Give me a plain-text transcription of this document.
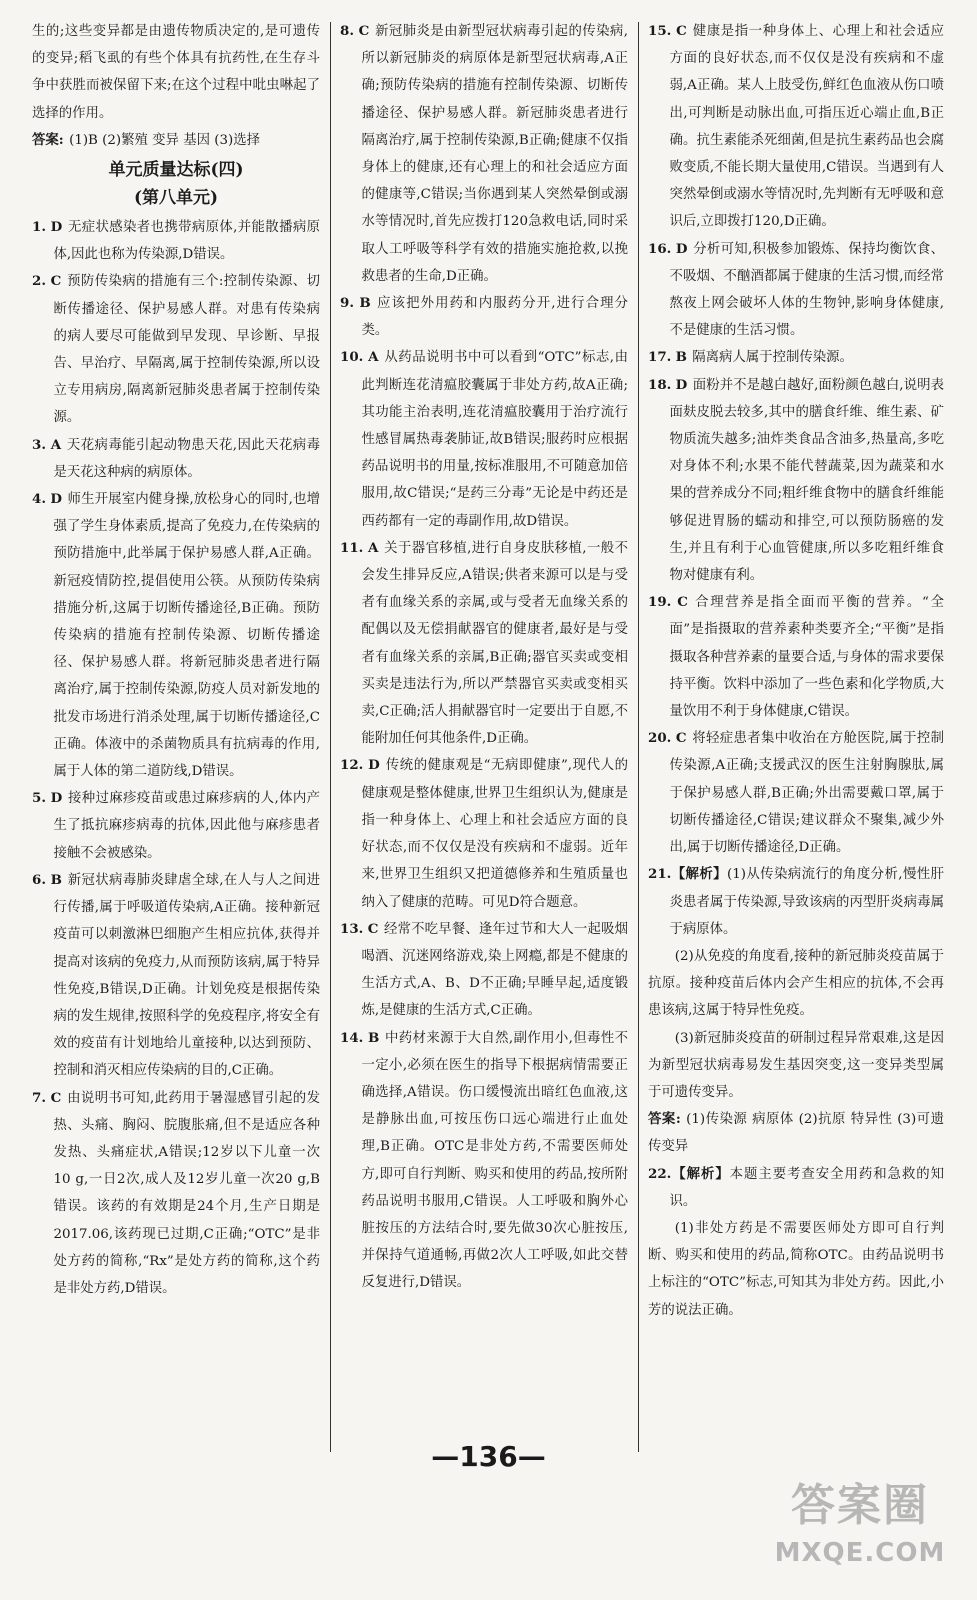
生的;这些变异都是由遗传物质决定的,是可遗传的变异;稻飞虱的有些个体具有抗药性,在生存斗争中获胜而被保留下来;在这个过程中吡虫啉起了选择的作用。

答案: (1)B (2)繁殖 变异 基因 (3)选择

单元质量达标(四)
(第八单元)

1. D 无症状感染者也携带病原体,并能散播病原体,因此也称为传染源,D错误。

2. C 预防传染病的措施有三个:控制传染源、切断传播途径、保护易感人群。对患有传染病的病人要尽可能做到早发现、早诊断、早报告、早治疗、早隔离,属于控制传染源,所以设立专用病房,隔离新冠肺炎患者属于控制传染源。

3. A 天花病毒能引起动物患天花,因此天花病毒是天花这种病的病原体。

4. D 师生开展室内健身操,放松身心的同时,也增强了学生身体素质,提高了免疫力,在传染病的预防措施中,此举属于保护易感人群,A正确。新冠疫情防控,提倡使用公筷。从预防传染病措施分析,这属于切断传播途径,B正确。预防传染病的措施有控制传染源、切断传播途径、保护易感人群。将新冠肺炎患者进行隔离治疗,属于控制传染源,防疫人员对新发地的批发市场进行消杀处理,属于切断传播途径,C正确。体液中的杀菌物质具有抗病毒的作用,属于人体的第二道防线,D错误。

5. D 接种过麻疹疫苗或患过麻疹病的人,体内产生了抵抗麻疹病毒的抗体,因此他与麻疹患者接触不会被感染。

6. B 新冠状病毒肺炎肆虐全球,在人与人之间进行传播,属于呼吸道传染病,A正确。接种新冠疫苗可以刺激淋巴细胞产生相应抗体,获得并提高对该病的免疫力,从而预防该病,属于特异性免疫,B错误,D正确。计划免疫是根据传染病的发生规律,按照科学的免疫程序,将安全有效的疫苗有计划地给儿童接种,以达到预防、控制和消灭相应传染病的目的,C正确。

7. C 由说明书可知,此药用于暑湿感冒引起的发热、头痛、胸闷、脘腹胀痛,但不是适应各种发热、头痛症状,A错误;12岁以下儿童一次10 g,一日2次,成人及12岁儿童一次20 g,B错误。该药的有效期是24个月,生产日期是2017.06,该药现已过期,C正确;“OTC”是非处方药的简称,“Rx”是处方药的简称,这个药是非处方药,D错误。

8. C 新冠肺炎是由新型冠状病毒引起的传染病,所以新冠肺炎的病原体是新型冠状病毒,A正确;预防传染病的措施有控制传染源、切断传播途径、保护易感人群。新冠肺炎患者进行隔离治疗,属于控制传染源,B正确;健康不仅指身体上的健康,还有心理上的和社会适应方面的健康等,C错误;当你遇到某人突然晕倒或溺水等情况时,首先应拨打120急救电话,同时采取人工呼吸等科学有效的措施实施抢救,以挽救患者的生命,D正确。

9. B 应该把外用药和内服药分开,进行合理分类。

10. A 从药品说明书中可以看到“OTC”标志,由此判断连花清瘟胶囊属于非处方药,故A正确;其功能主治表明,连花清瘟胶囊用于治疗流行性感冒属热毒袭肺证,故B错误;服药时应根据药品说明书的用量,按标准服用,不可随意加倍服用,故C错误;“是药三分毒”无论是中药还是西药都有一定的毒副作用,故D错误。

11. A 关于器官移植,进行自身皮肤移植,一般不会发生排异反应,A错误;供者来源可以是与受者有血缘关系的亲属,或与受者无血缘关系的配偶以及无偿捐献器官的健康者,最好是与受者有血缘关系的亲属,B正确;器官买卖或变相买卖是违法行为,所以严禁器官买卖或变相买卖,C正确;活人捐献器官时一定要出于自愿,不能附加任何其他条件,D正确。

12. D 传统的健康观是“无病即健康”,现代人的健康观是整体健康,世界卫生组织认为,健康是指一种身体上、心理上和社会适应方面的良好状态,而不仅仅是没有疾病和不虚弱。近年来,世界卫生组织又把道德修养和生殖质量也纳入了健康的范畴。可见D符合题意。

13. C 经常不吃早餐、逢年过节和大人一起吸烟喝酒、沉迷网络游戏,染上网瘾,都是不健康的生活方式,A、B、D不正确;早睡早起,适度锻炼,是健康的生活方式,C正确。

14. B 中药材来源于大自然,副作用小,但毒性不一定小,必须在医生的指导下根据病情需要正确选择,A错误。伤口缓慢流出暗红色血液,这是静脉出血,可按压伤口远心端进行止血处理,B正确。OTC是非处方药,不需要医师处方,即可自行判断、购买和使用的药品,按所附药品说明书服用,C错误。人工呼吸和胸外心脏按压的方法结合时,要先做30次心脏按压,并保持气道通畅,再做2次人工呼吸,如此交替反复进行,D错误。

15. C 健康是指一种身体上、心理上和社会适应方面的良好状态,而不仅仅是没有疾病和不虚弱,A正确。某人上肢受伤,鲜红色血液从伤口喷出,可判断是动脉出血,可指压近心端止血,B正确。抗生素能杀死细菌,但是抗生素药品也会腐败变质,不能长期大量使用,C错误。当遇到有人突然晕倒或溺水等情况时,先判断有无呼吸和意识后,立即拨打120,D正确。

16. D 分析可知,积极参加锻炼、保持均衡饮食、不吸烟、不酗酒都属于健康的生活习惯,而经常熬夜上网会破坏人体的生物钟,影响身体健康,不是健康的生活习惯。

17. B 隔离病人属于控制传染源。

18. D 面粉并不是越白越好,面粉颜色越白,说明表面麸皮脱去较多,其中的膳食纤维、维生素、矿物质流失越多;油炸类食品含油多,热量高,多吃对身体不利;水果不能代替蔬菜,因为蔬菜和水果的营养成分不同;粗纤维食物中的膳食纤维能够促进胃肠的蠕动和排空,可以预防肠癌的发生,并且有利于心血管健康,所以多吃粗纤维食物对健康有利。

19. C 合理营养是指全面而平衡的营养。“全面”是指摄取的营养素种类要齐全;“平衡”是指摄取各种营养素的量要合适,与身体的需求要保持平衡。饮料中添加了一些色素和化学物质,大量饮用不利于身体健康,C错误。

20. C 将轻症患者集中收治在方舱医院,属于控制传染源,A正确;支援武汉的医生注射胸腺肽,属于保护易感人群,B正确;外出需要戴口罩,属于切断传播途径,C错误;建议群众不聚集,减少外出,属于切断传播途径,D正确。

21.【解析】(1)从传染病流行的角度分析,慢性肝炎患者属于传染源,导致该病的丙型肝炎病毒属于病原体。

(2)从免疫的角度看,接种的新冠肺炎疫苗属于抗原。接种疫苗后体内会产生相应的抗体,不会再患该病,这属于特异性免疫。

(3)新冠肺炎疫苗的研制过程异常艰难,这是因为新型冠状病毒易发生基因突变,这一变异类型属于可遗传变异。

答案: (1)传染源 病原体 (2)抗原 特异性 (3)可遗传变异

22.【解析】本题主要考查安全用药和急救的知识。

(1)非处方药是不需要医师处方即可自行判断、购买和使用的药品,简称OTC。由药品说明书上标注的“OTC”标志,可知其为非处方药。因此,小芳的说法正确。

—136—
答案圈
MXQE.COM
